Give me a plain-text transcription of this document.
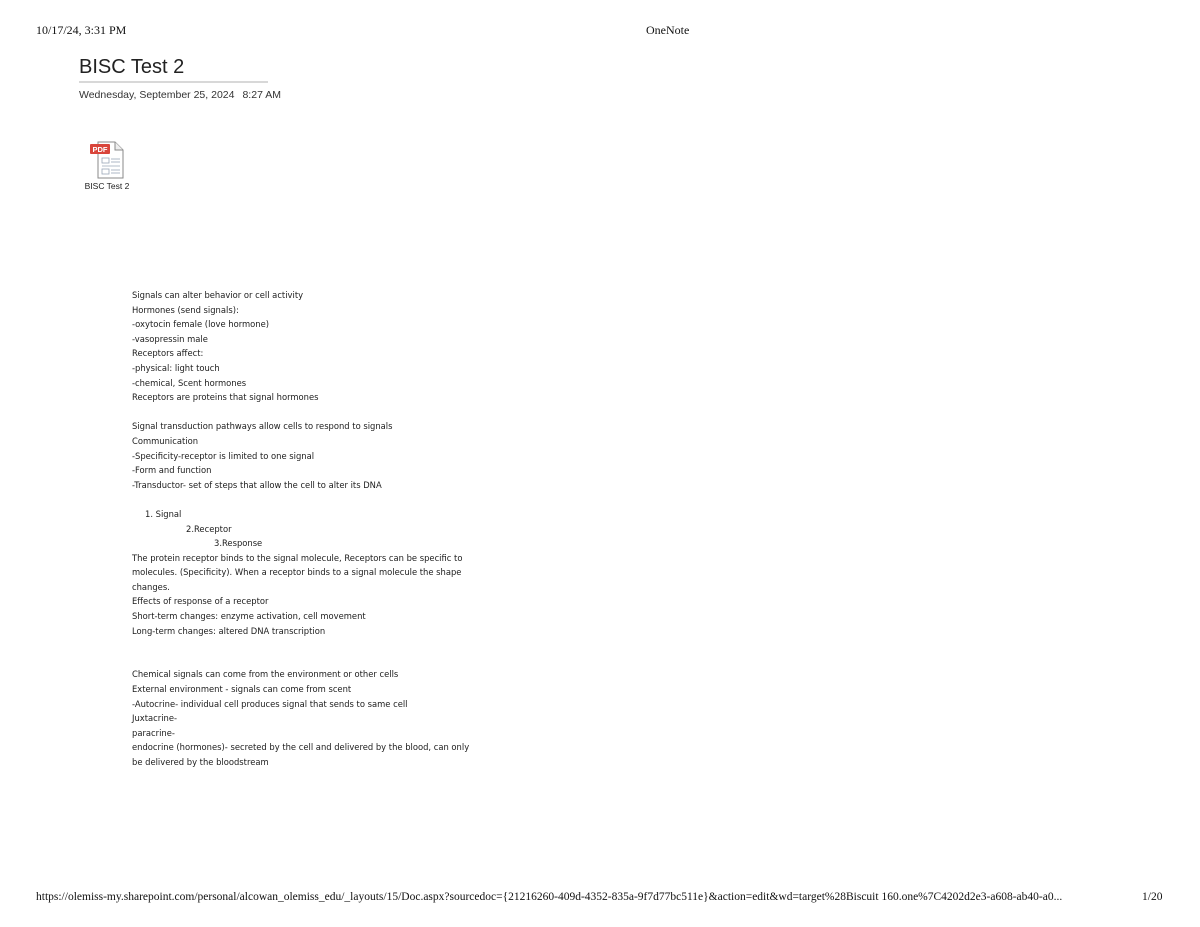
10/17/24, 3:31 PM	OneNote
BISC Test 2
Wednesday, September 25, 2024 8:27 AM
PDF
BISC Test 2
Signals can alter behavior or cell activity
Hormones (send signals):
-oxytocin female (love hormone)
-vasopressin male
Receptors affect:
-physical: light touch
-chemical, Scent hormones
Receptors are proteins that signal hormones
Signal transduction pathways allow cells to respond to signals
Communication
-Specificity-receptor is limited to one signal
-Form and function
-Transductor- set of steps that allow the cell to alter its DNA
1. Signal
2.Receptor
3.Response
The protein receptor binds to the signal molecule, Receptors can be specific to
molecules. (Specificity). When a receptor binds to a signal molecule the shape
changes.
Effects of response of a receptor
Short-term changes: enzyme activation, cell movement
Long-term changes: altered DNA transcription
Chemical signals can come from the environment or other cells
External environment - signals can come from scent
-Autocrine- individual cell produces signal that sends to same cell
Juxtacrine-
paracrine-
endocrine (hormones)- secreted by the cell and delivered by the blood, can only
be delivered by the bloodstream
https://olemiss-my.sharepoint.com/personal/alcowan_olemiss_edu/_layouts/15/Doc.aspx?sourcedoc={21216260-409d-4352-835a-9f7d77bc511e}&action=edit&wd=target%28Biscuit 160.one%7C4202d2e3-a608-ab40-a0...	1/20
